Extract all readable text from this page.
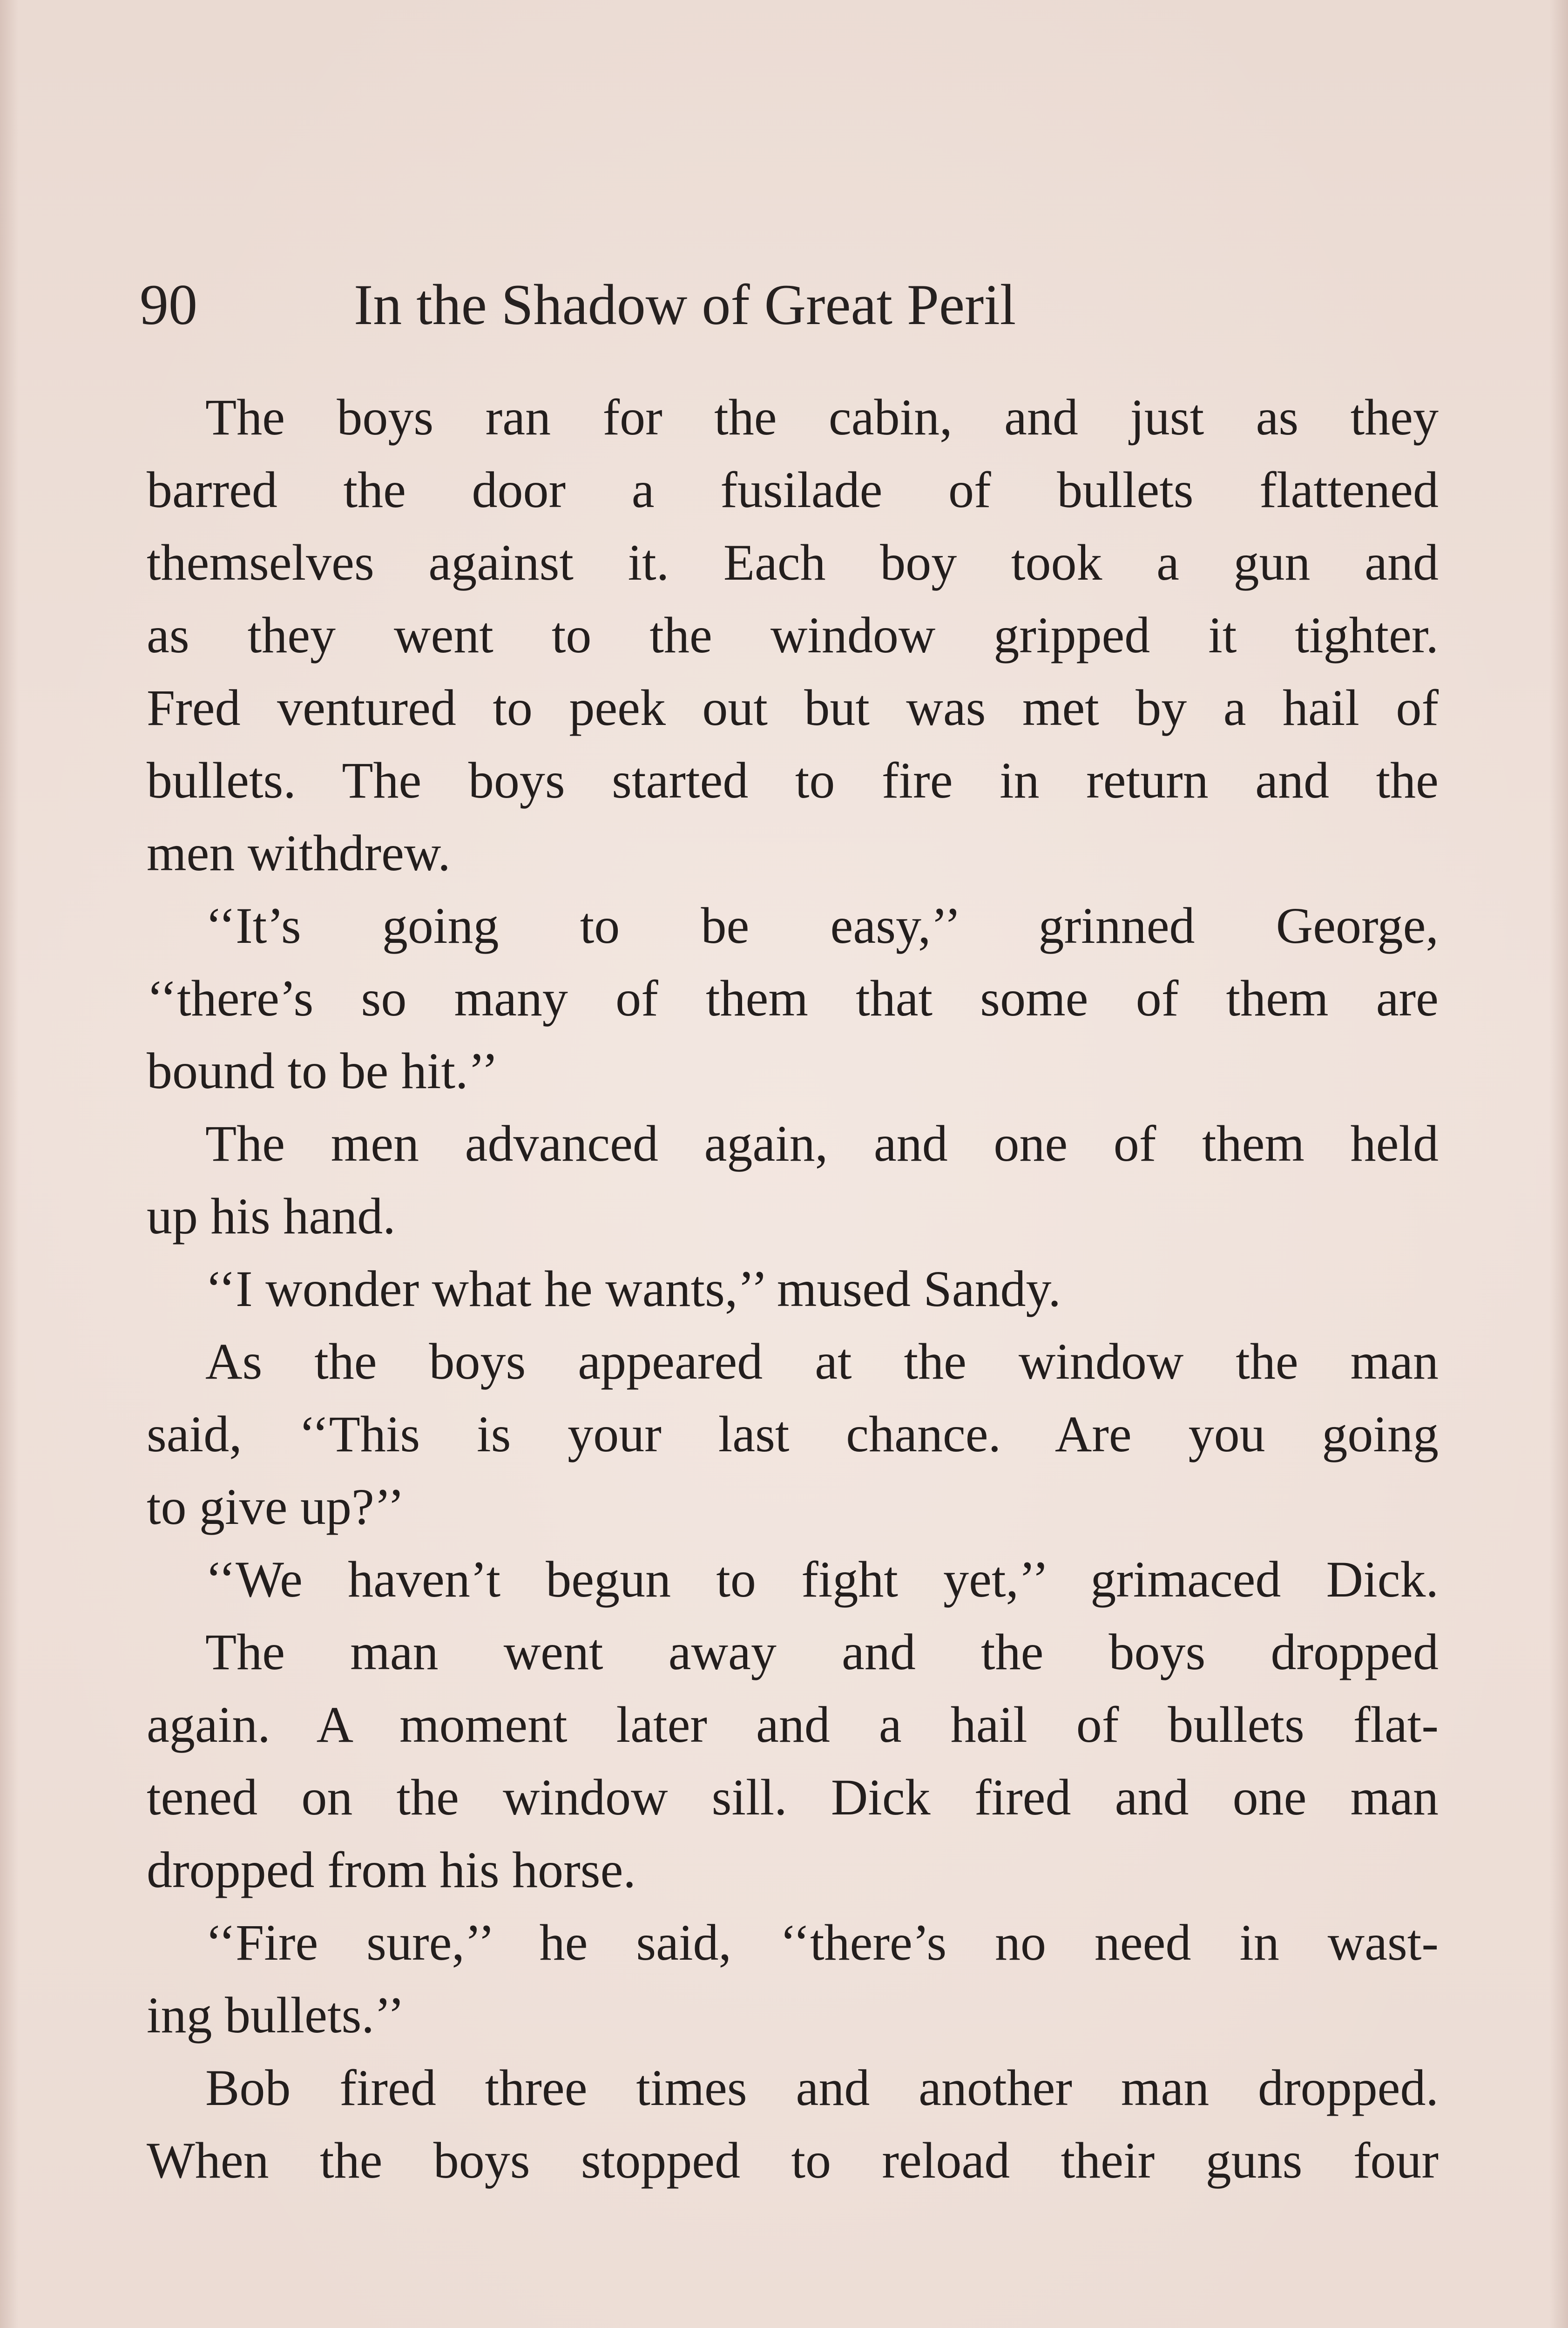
90	In the Shadow of Great Peril
The boys ran for the cabin, and just as they
barred the door a fusilade of bullets flattened
themselves against it. Each boy took a gun and
as they went to the window gripped it tighter.
Fred ventured to peek out but was met by a hail of
bullets. The boys started to fire in return and the
men withdrew.
‘‘It’s going to be easy,’’ grinned George,
‘‘there’s so many of them that some of them are
bound to be hit.’’
The men advanced again, and one of them held
up his hand.
‘‘I wonder what he wants,’’ mused Sandy.
As the boys appeared at the window the man
said, ‘‘This is your last chance. Are you going
to give up?’’
‘‘We haven’t begun to fight yet,’’ grimaced Dick.
The man went away and the boys dropped
again. A moment later and a hail of bullets flat-
tened on the window sill. Dick fired and one man
dropped from his horse.
‘‘Fire sure,’’ he said, ‘‘there’s no need in wast-
ing bullets.’’
Bob fired three times and another man dropped.
When the boys stopped to reload their guns four
